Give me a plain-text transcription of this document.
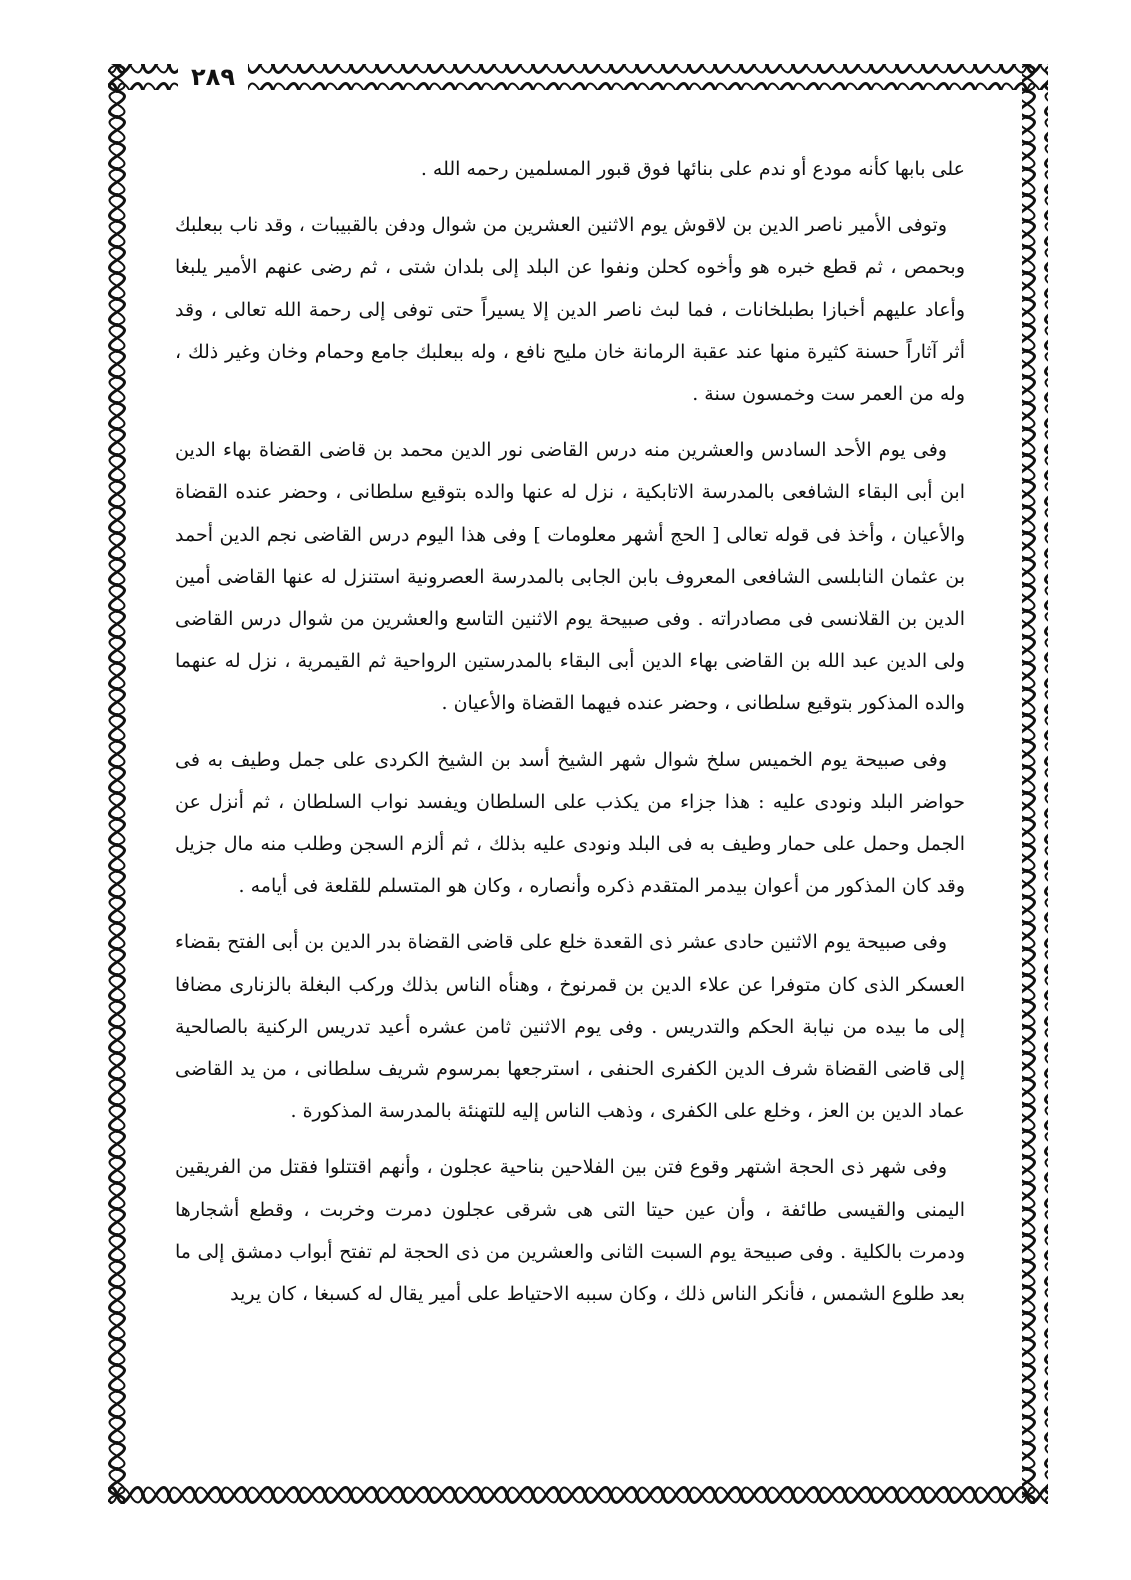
٢٨٩

على بابها كأنه مودع أو ندم على بنائها فوق قبور المسلمين رحمه الله .

وتوفى الأمير ناصر الدين بن لاقوش يوم الاثنين العشرين من شوال ودفن بالقبيبات ، وقد ناب ببعلبك وبحمص ، ثم قطع خبره هو وأخوه كحلن ونفوا عن البلد إلى بلدان شتى ، ثم رضى عنهم الأمير يلبغا وأعاد عليهم أخبازا بطبلخانات ، فما لبث ناصر الدين إلا يسيراً حتى توفى إلى رحمة الله تعالى ، وقد أثر آثاراً حسنة كثيرة منها عند عقبة الرمانة خان مليح نافع ، وله ببعلبك جامع وحمام وخان وغير ذلك ، وله من العمر ست وخمسون سنة .

وفى يوم الأحد السادس والعشرين منه درس القاضى نور الدين محمد بن قاضى القضاة بهاء الدين ابن أبى البقاء الشافعى بالمدرسة الاتابكية ، نزل له عنها والده بتوقيع سلطانى ، وحضر عنده القضاة والأعيان ، وأخذ فى قوله تعالى [ الحج أشهر معلومات ] وفى هذا اليوم درس القاضى نجم الدين أحمد بن عثمان النابلسى الشافعى المعروف بابن الجابى بالمدرسة العصرونية استنزل له عنها القاضى أمين الدين بن القلانسى فى مصادراته . وفى صبيحة يوم الاثنين التاسع والعشرين من شوال درس القاضى ولى الدين عبد الله بن القاضى بهاء الدين أبى البقاء بالمدرستين الرواحية ثم القيمرية ، نزل له عنهما والده المذكور بتوقيع سلطانى ، وحضر عنده فيهما القضاة والأعيان .

وفى صبيحة يوم الخميس سلخ شوال شهر الشيخ أسد بن الشيخ الكردى على جمل وطيف به فى حواضر البلد ونودى عليه : هذا جزاء من يكذب على السلطان ويفسد نواب السلطان ، ثم أنزل عن الجمل وحمل على حمار وطيف به فى البلد ونودى عليه بذلك ، ثم ألزم السجن وطلب منه مال جزيل وقد كان المذكور من أعوان بيدمر المتقدم ذكره وأنصاره ، وكان هو المتسلم للقلعة فى أيامه .

وفى صبيحة يوم الاثنين حادى عشر ذى القعدة خلع على قاضى القضاة بدر الدين بن أبى الفتح بقضاء العسكر الذى كان متوفرا عن علاء الدين بن قمرنوخ ، وهنأه الناس بذلك وركب البغلة بالزنارى مضافا إلى ما بيده من نيابة الحكم والتدريس . وفى يوم الاثنين ثامن عشره أعيد تدريس الركنية بالصالحية إلى قاضى القضاة شرف الدين الكفرى الحنفى ، استرجعها بمرسوم شريف سلطانى ، من يد القاضى عماد الدين بن العز ، وخلع على الكفرى ، وذهب الناس إليه للتهنئة بالمدرسة المذكورة .

وفى شهر ذى الحجة اشتهر وقوع فتن بين الفلاحين بناحية عجلون ، وأنهم اقتتلوا فقتل من الفريقين اليمنى والقيسى طائفة ، وأن عين حيتا التى هى شرقى عجلون دمرت وخربت ، وقطع أشجارها ودمرت بالكلية . وفى صبيحة يوم السبت الثانى والعشرين من ذى الحجة لم تفتح أبواب دمشق إلى ما بعد طلوع الشمس ، فأنكر الناس ذلك ، وكان سببه الاحتياط على أمير يقال له كسبغا ، كان يريد
